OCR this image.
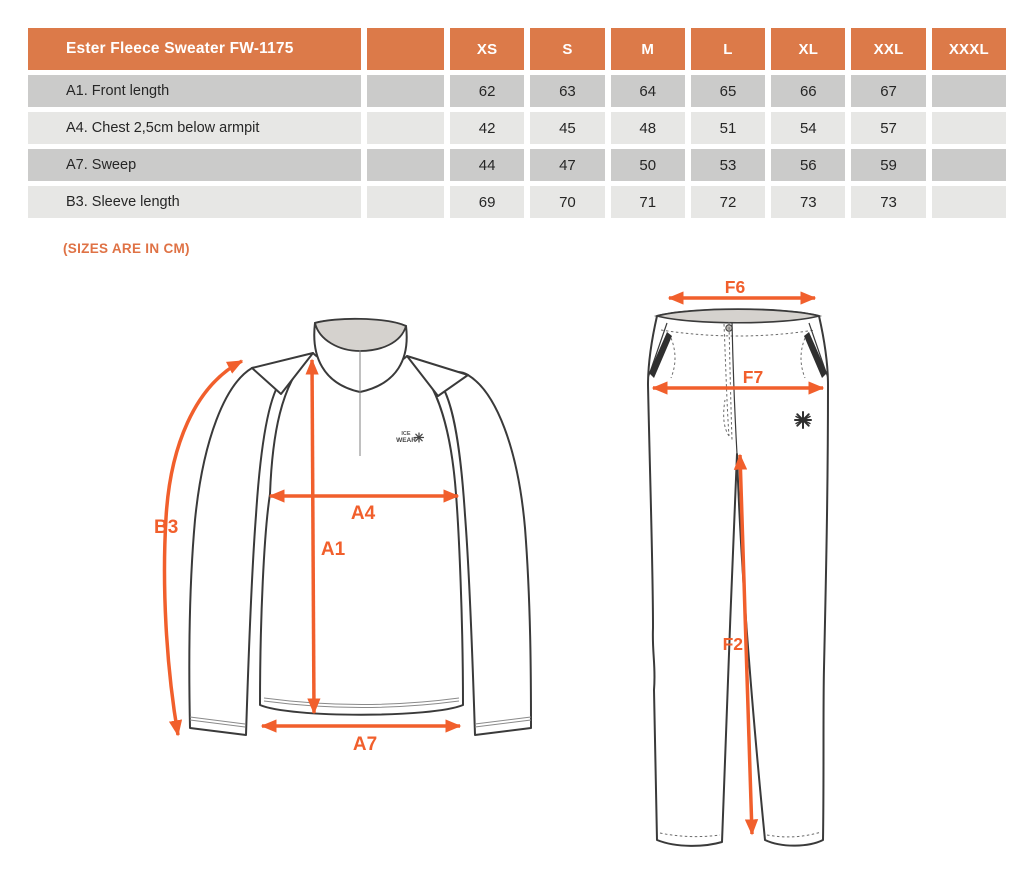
Ester Fleece Sweater FW-1175	XS	S	M	L	XL	XXL	XXXL
A1. Front length	62	63	64	65	66	67
A4. Chest 2,5cm below armpit	42	45	48	51	54	57
A7. Sweep	44	47	50	53	56	59
B3. Sleeve length	69	70	71	72	73	73
(SIZES ARE IN CM)
ICE
WEAR
B3
A4
A1
A7
F6
F7
F2
